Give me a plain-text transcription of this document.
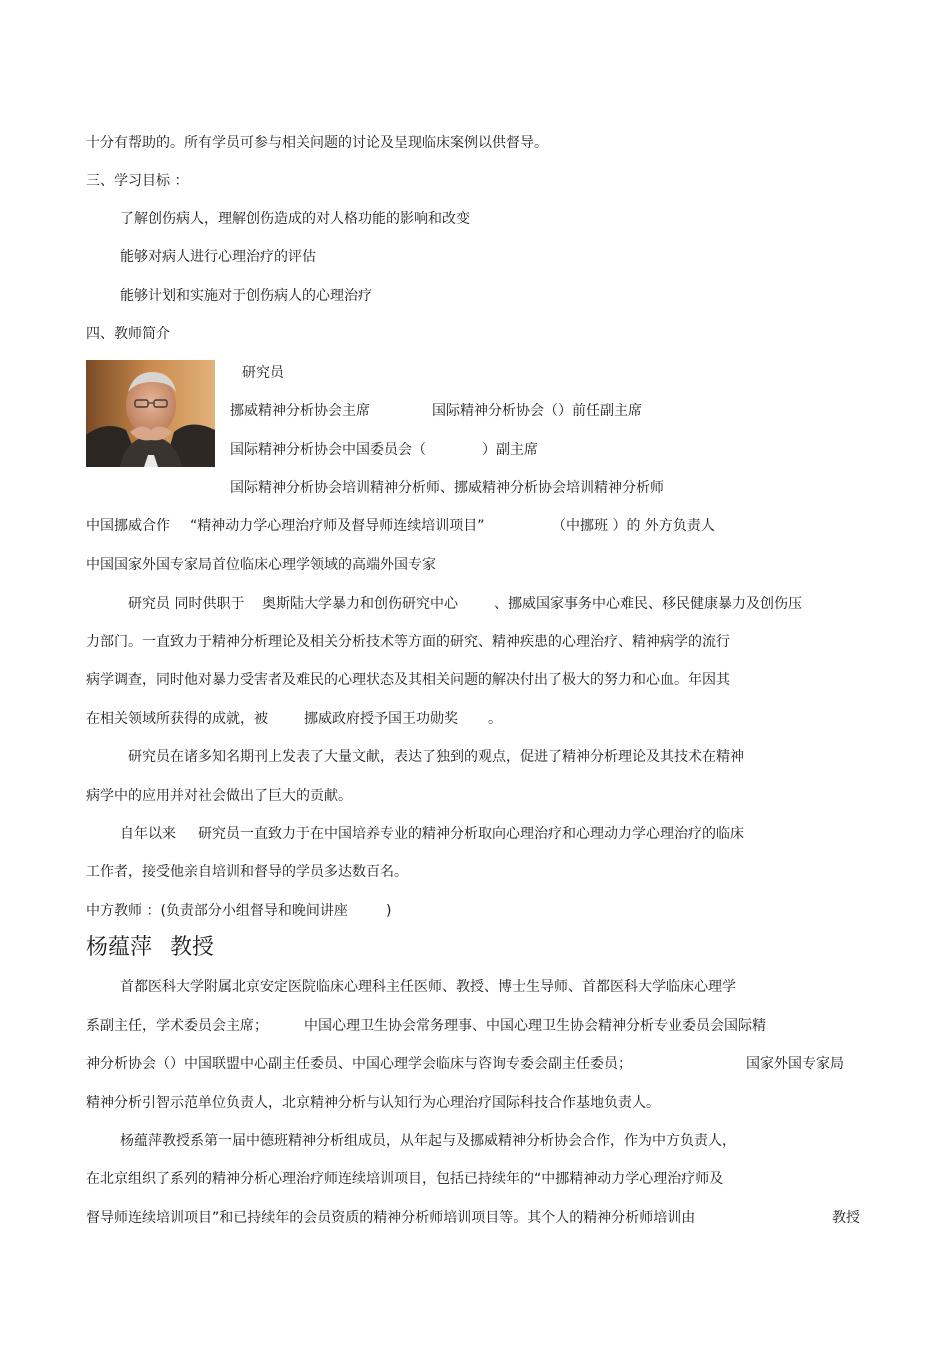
十分有帮助的。所有学员可参与相关问题的讨论及呈现临床案例以供督导。
三、学习目标 ：
了解创伤病人，理解创伤造成的对人格功能的影响和改变
能够对病人进行心理治疗的评估
能够计划和实施对于创伤病人的心理治疗
四、教师简介
研究员
挪威精神分析协会主席	国际精神分析协会（）前任副主席
国际精神分析协会中国委员会（	）副主席
国际精神分析协会培训精神分析师、挪威精神分析协会培训精神分析师
中国挪威合作 “精神动力学心理治疗师及督导师连续培训项目”	（中挪班 ）的 外方负责人
中国国家外国专家局首位临床心理学领域的高端外国专家
研究员 同时供职于 奥斯陆大学暴力和创伤研究中心	、挪威国家事务中心难民、移民健康暴力及创伤压
力部门。一直致力于精神分析理论及相关分析技术等方面的研究、精神疾患的心理治疗、精神病学的流行
病学调查，同时他对暴力受害者及难民的心理状态及其相关问题的解决付出了极大的努力和心血。年因其
在相关领域所获得的成就，被	挪威政府授予国王功勋奖 。
研究员在诸多知名期刊上发表了大量文献，表达了独到的观点，促进了精神分析理论及其技术在精神
病学中的应用并对社会做出了巨大的贡献。
自年以来 研究员一直致力于在中国培养专业的精神分析取向心理治疗和心理动力学心理治疗的临床
工作者，接受他亲自培训和督导的学员多达数百名。
中方教师 ：(负责部分小组督导和晚间讲座	)
杨蕴萍 教授
首都医科大学附属北京安定医院临床心理科主任医师、教授、博士生导师、首都医科大学临床心理学
系副主任，学术委员会主席；	中国心理卫生协会常务理事、中国心理卫生协会精神分析专业委员会国际精
神分析协会（）中国联盟中心副主任委员、中国心理学会临床与咨询专委会副主任委员；	国家外国专家局
精神分析引智示范单位负责人，北京精神分析与认知行为心理治疗国际科技合作基地负责人。
杨蕴萍教授系第一届中德班精神分析组成员，从年起与及挪威精神分析协会合作，作为中方负责人，
在北京组织了系列的精神分析心理治疗师连续培训项目，包括已持续年的“中挪精神动力学心理治疗师及
督导师连续培训项目”和已持续年的会员资质的精神分析师培训项目等。其个人的精神分析师培训由	教授
